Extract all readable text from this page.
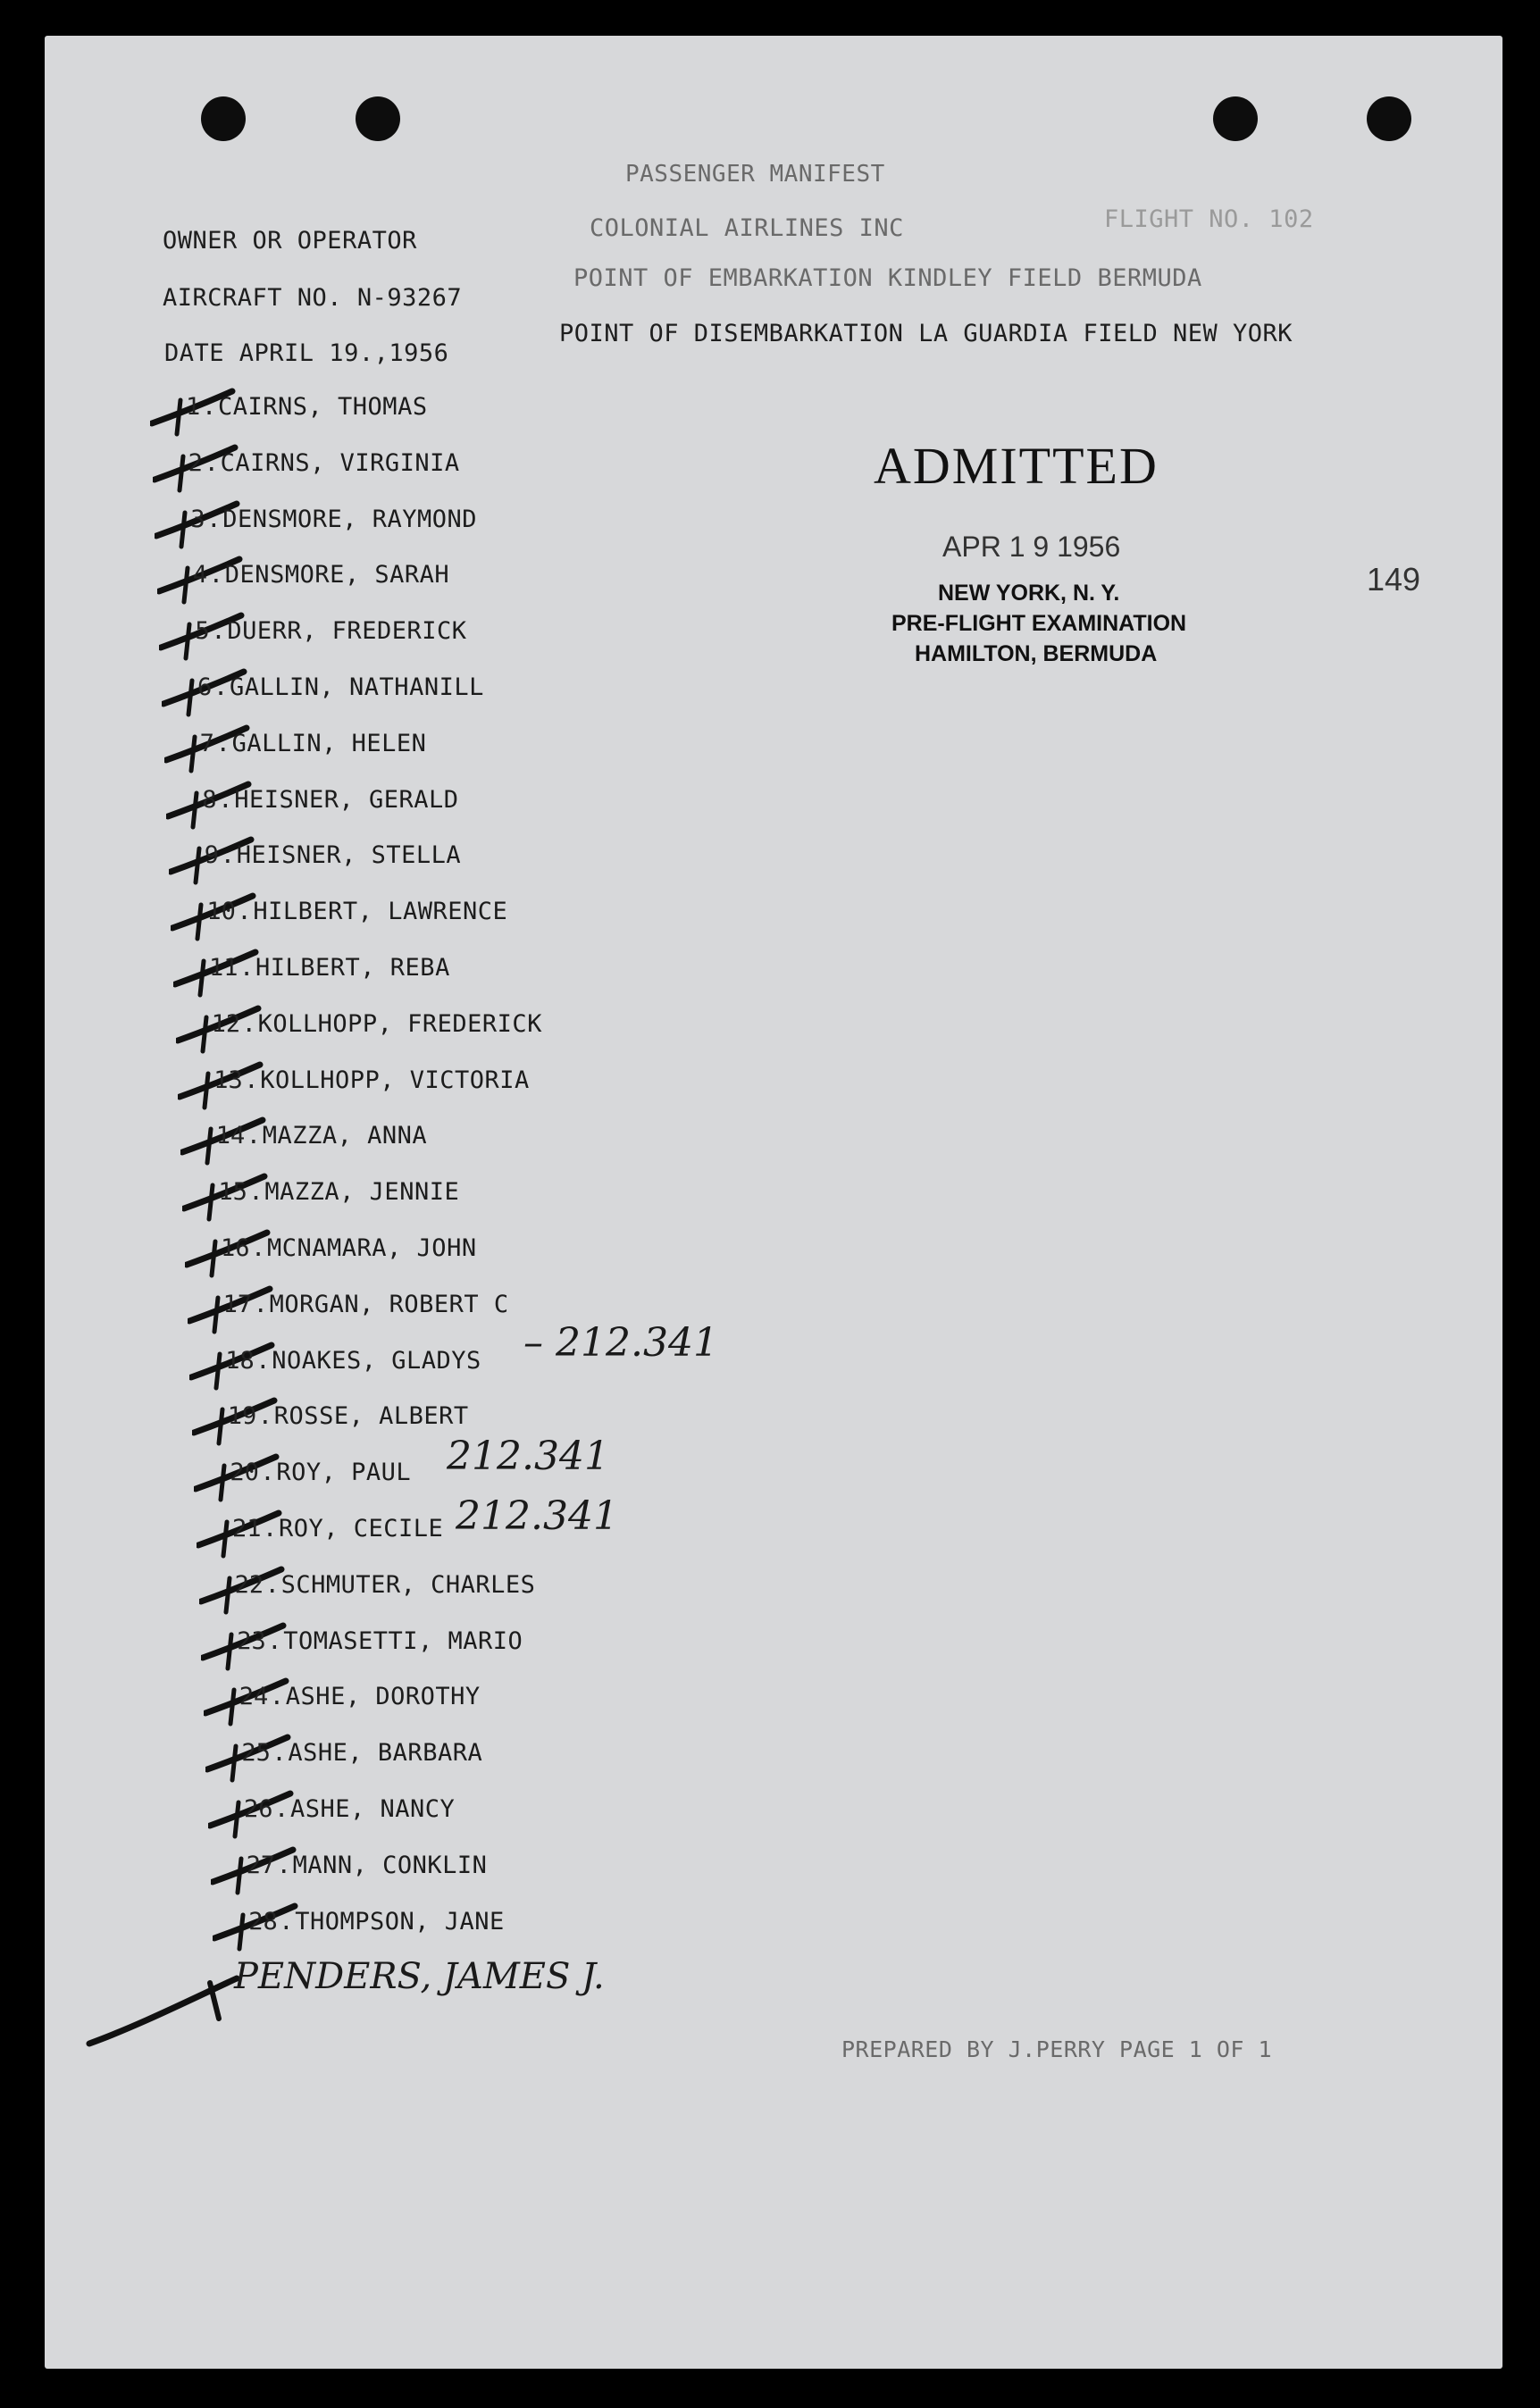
PASSENGER MANIFEST
OWNER OR OPERATOR	COLONIAL AIRLINES INC	FLIGHT NO. 102
AIRCRAFT NO. N-93267
POINT OF EMBARKATION KINDLEY FIELD BERMUDA
DATE APRIL 19.,1956
POINT OF DISEMBARKATION LA GUARDIA FIELD NEW YORK
ADMITTED
APR 1 9 1956
NEW YORK, N. Y.
PRE-FLIGHT EXAMINATION
HAMILTON, BERMUDA
149
1 . CAIRNS, THOMAS
2 . CAIRNS, VIRGINIA
3 . DENSMORE, RAYMOND
4 . DENSMORE, SARAH
5 . DUERR, FREDERICK
6 . GALLIN, NATHANILL
7 . GALLIN, HELEN
8 . HEISNER, GERALD
9 . HEISNER, STELLA
10 . HILBERT, LAWRENCE
11 . HILBERT, REBA
12 . KOLLHOPP, FREDERICK
13 . KOLLHOPP, VICTORIA
14 . MAZZA, ANNA
15 . MAZZA, JENNIE
16 . MCNAMARA, JOHN
17 . MORGAN, ROBERT C
18 . NOAKES, GLADYS
19 . ROSSE, ALBERT
20 . ROY, PAUL
21 . ROY, CECILE
22 . SCHMUTER, CHARLES
23 . TOMASETTI, MARIO
24 . ASHE, DOROTHY
25 . ASHE, BARBARA
26 . ASHE, NANCY
27 . MANN, CONKLIN
28 . THOMPSON, JANE
PENDERS, JAMES J.
– 212.341
212.341
212.341
PREPARED BY J.PERRY PAGE 1 OF 1
